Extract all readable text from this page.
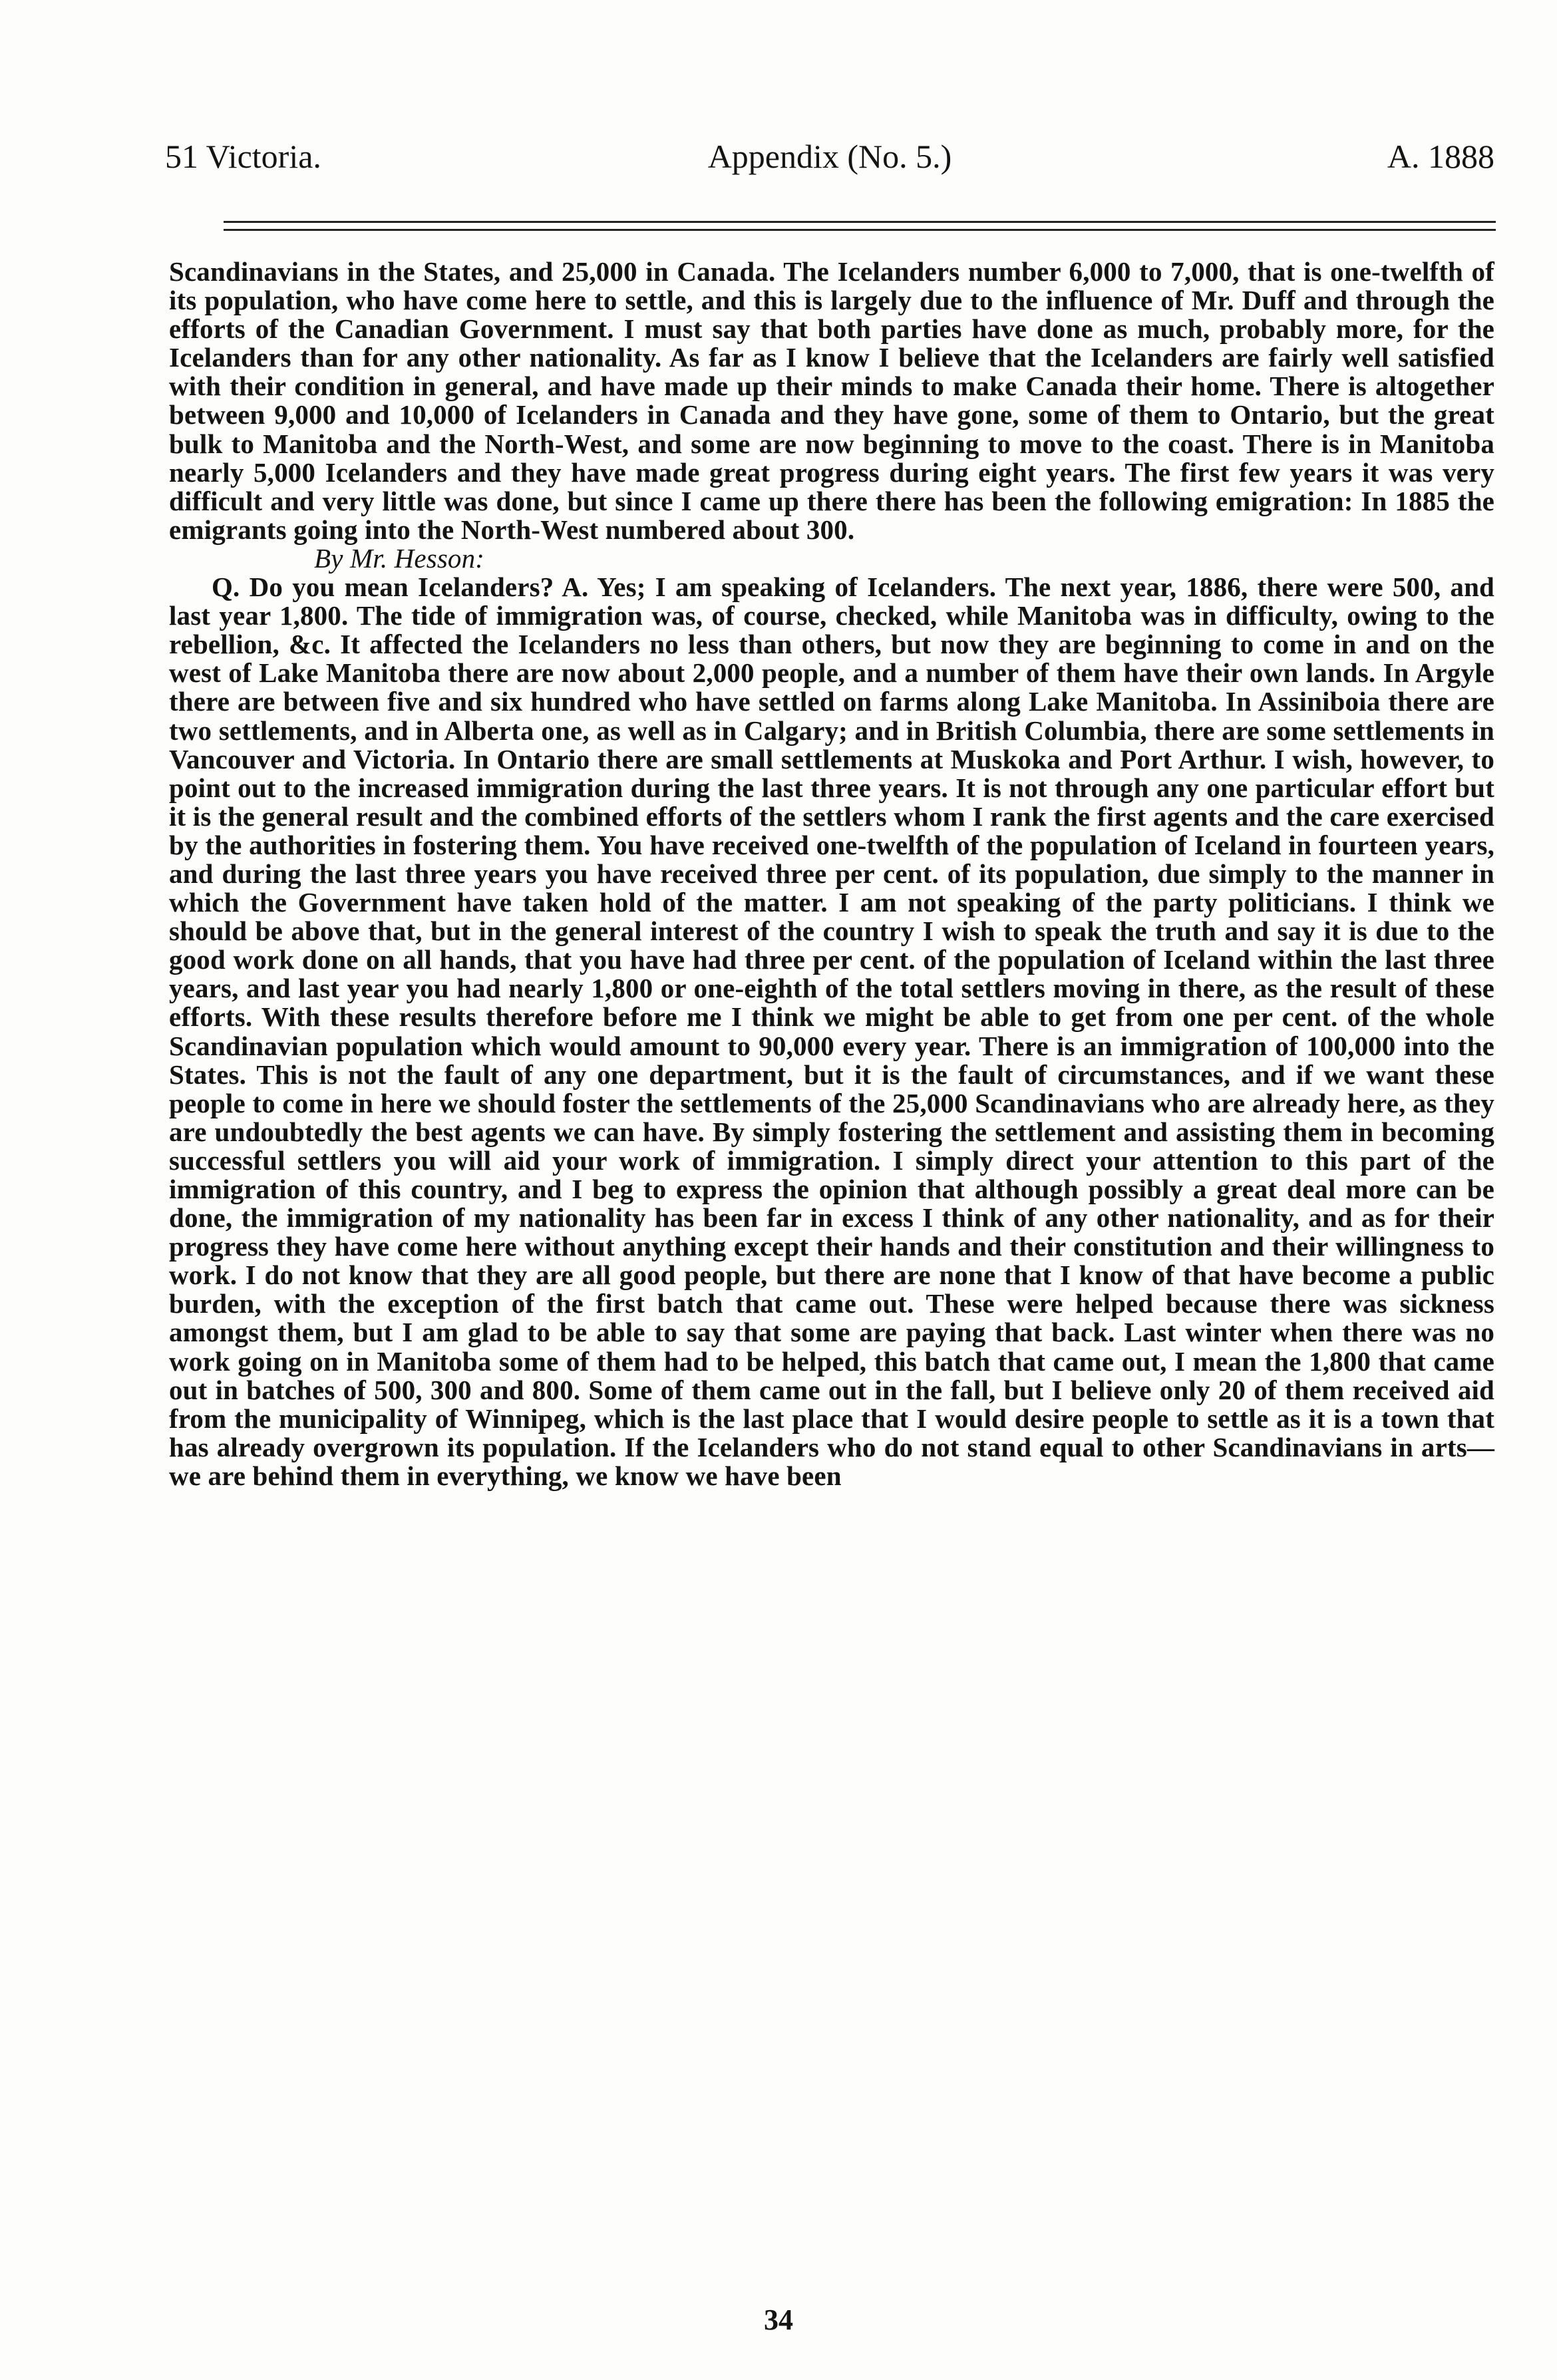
51 Victoria.	Appendix (No. 5.)	A. 1888

Scandinavians in the States, and 25,000 in Canada. The Icelanders number 6,000 to 7,000, that is one-twelfth of its population, who have come here to settle, and this is largely due to the influence of Mr. Duff and through the efforts of the Canadian Government. I must say that both parties have done as much, probably more, for the Icelanders than for any other nationality. As far as I know I believe that the Icelanders are fairly well satisfied with their condition in general, and have made up their minds to make Canada their home. There is altogether between 9,000 and 10,000 of Icelanders in Canada and they have gone, some of them to Ontario, but the great bulk to Manitoba and the North-West, and some are now beginning to move to the coast. There is in Manitoba nearly 5,000 Icelanders and they have made great progress during eight years. The first few years it was very difficult and very little was done, but since I came up there there has been the following emigration: In 1885 the emigrants going into the North-West numbered about 300.

By Mr. Hesson:

Q. Do you mean Icelanders? A. Yes; I am speaking of Icelanders. The next year, 1886, there were 500, and last year 1,800. The tide of immigration was, of course, checked, while Manitoba was in difficulty, owing to the rebellion, &c. It affected the Icelanders no less than others, but now they are beginning to come in and on the west of Lake Manitoba there are now about 2,000 people, and a number of them have their own lands. In Argyle there are between five and six hundred who have settled on farms along Lake Manitoba. In Assiniboia there are two settlements, and in Alberta one, as well as in Calgary; and in British Columbia, there are some settlements in Vancouver and Victoria. In Ontario there are small settlements at Muskoka and Port Arthur. I wish, however, to point out to the increased immigration during the last three years. It is not through any one particular effort but it is the general result and the combined efforts of the settlers whom I rank the first agents and the care exercised by the authorities in fostering them. You have received one-twelfth of the population of Iceland in fourteen years, and during the last three years you have received three per cent. of its population, due simply to the manner in which the Government have taken hold of the matter. I am not speaking of the party politicians. I think we should be above that, but in the general interest of the country I wish to speak the truth and say it is due to the good work done on all hands, that you have had three per cent. of the population of Iceland within the last three years, and last year you had nearly 1,800 or one-eighth of the total settlers moving in there, as the result of these efforts. With these results therefore before me I think we might be able to get from one per cent. of the whole Scandinavian population which would amount to 90,000 every year. There is an immigration of 100,000 into the States. This is not the fault of any one department, but it is the fault of circumstances, and if we want these people to come in here we should foster the settlements of the 25,000 Scandinavians who are already here, as they are undoubtedly the best agents we can have. By simply fostering the settlement and assisting them in becoming successful settlers you will aid your work of immigration. I simply direct your attention to this part of the immigration of this country, and I beg to express the opinion that although possibly a great deal more can be done, the immigration of my nationality has been far in excess I think of any other nationality, and as for their progress they have come here without anything except their hands and their constitution and their willingness to work. I do not know that they are all good people, but there are none that I know of that have become a public burden, with the exception of the first batch that came out. These were helped because there was sickness amongst them, but I am glad to be able to say that some are paying that back. Last winter when there was no work going on in Manitoba some of them had to be helped, this batch that came out, I mean the 1,800 that came out in batches of 500, 300 and 800. Some of them came out in the fall, but I believe only 20 of them received aid from the municipality of Winnipeg, which is the last place that I would desire people to settle as it is a town that has already overgrown its population. If the Icelanders who do not stand equal to other Scandinavians in arts—we are behind them in everything, we know we have been

34
